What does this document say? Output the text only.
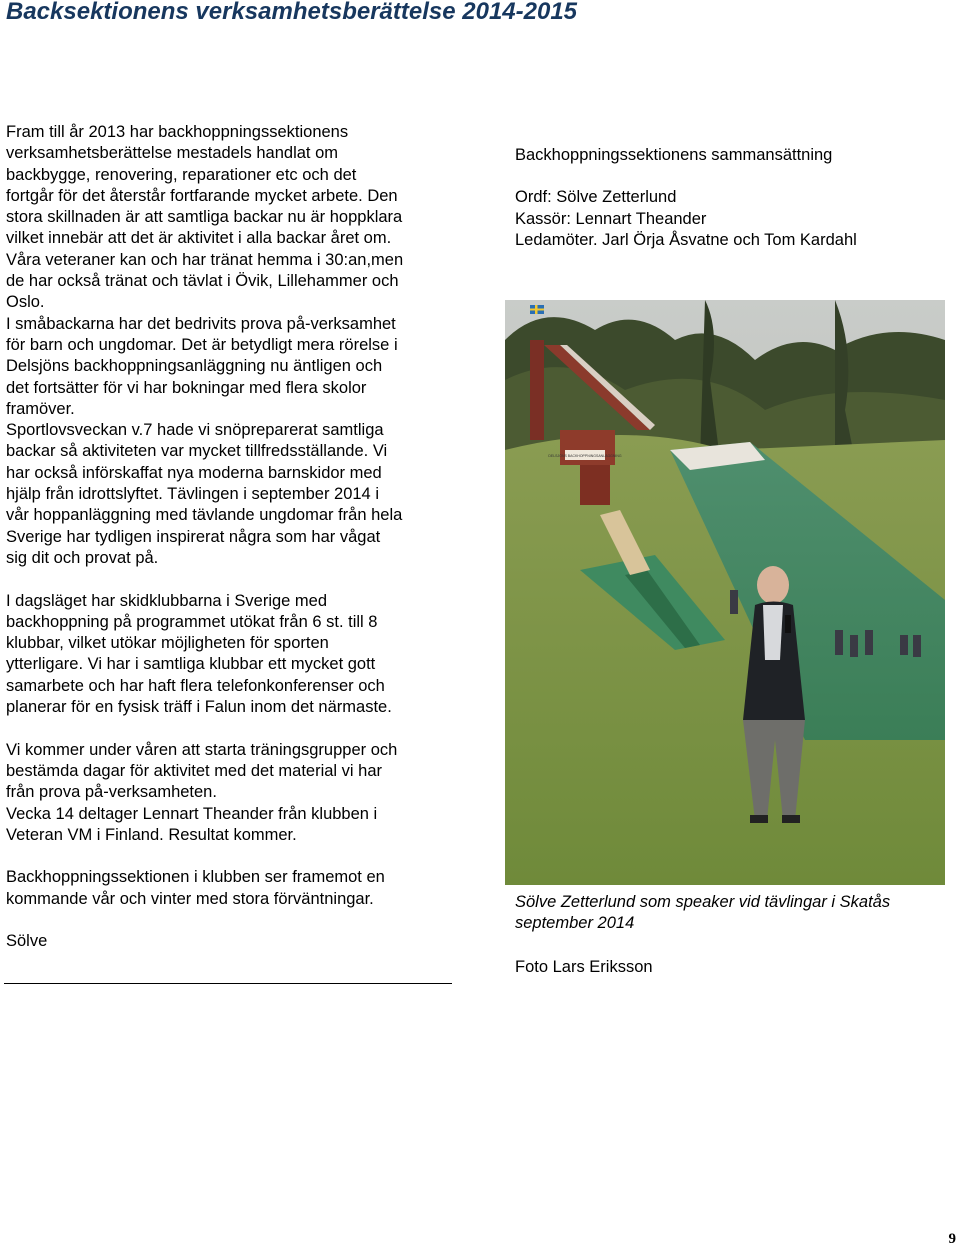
Backsektionens verksamhetsberättelse 2014-2015

Fram till år 2013 har backhoppningssektionens

verksamhetsberättelse mestadels handlat om

backbygge, renovering, reparationer etc och det

fortgår för det återstår fortfarande mycket arbete. Den

stora skillnaden är att samtliga backar nu är hoppklara

vilket innebär att det är aktivitet i alla backar året om.

Våra veteraner kan och har tränat hemma i 30:an,men

de har också tränat och tävlat i Övik, Lillehammer och

Oslo.

I småbackarna har det bedrivits prova på-verksamhet

för barn och ungdomar. Det är betydligt mera rörelse i

Delsjöns backhoppningsanläggning nu äntligen och

det fortsätter för vi har bokningar med flera skolor

framöver.

Sportlovsveckan v.7 hade vi snöpreparerat samtliga

backar så aktiviteten var mycket tillfredsställande. Vi

har också införskaffat nya moderna barnskidor med

hjälp från idrottslyftet. Tävlingen i september 2014 i

vår hoppanläggning med tävlande ungdomar från hela

Sverige har tydligen inspirerat några som har vågat

sig dit och provat på.

I dagsläget har skidklubbarna i Sverige med

backhoppning på programmet utökat från 6 st. till 8

klubbar, vilket utökar möjligheten för sporten

ytterligare. Vi har i samtliga klubbar ett mycket gott

samarbete och har haft flera telefonkonferenser och

planerar för en fysisk träff i Falun inom det närmaste.

Vi kommer under våren att starta träningsgrupper och

bestämda dagar för aktivitet med det material vi har

från prova på-verksamheten.

Vecka 14 deltager Lennart Theander från klubben i

Veteran VM i Finland. Resultat kommer.

Backhoppningssektionen i klubben ser framemot en

kommande vår och vinter med stora förväntningar.

Sölve

Backhoppningssektionens sammansättning

Ordf: Sölve Zetterlund

Kassör: Lennart Theander

Ledamöter. Jarl Örja Åsvatne och Tom Kardahl

DELSJÖNS BACKHOPPNINGSANLÄGGNING

Sölve Zetterlund som speaker vid tävlingar i Skatås

september 2014

Foto Lars Eriksson
9
